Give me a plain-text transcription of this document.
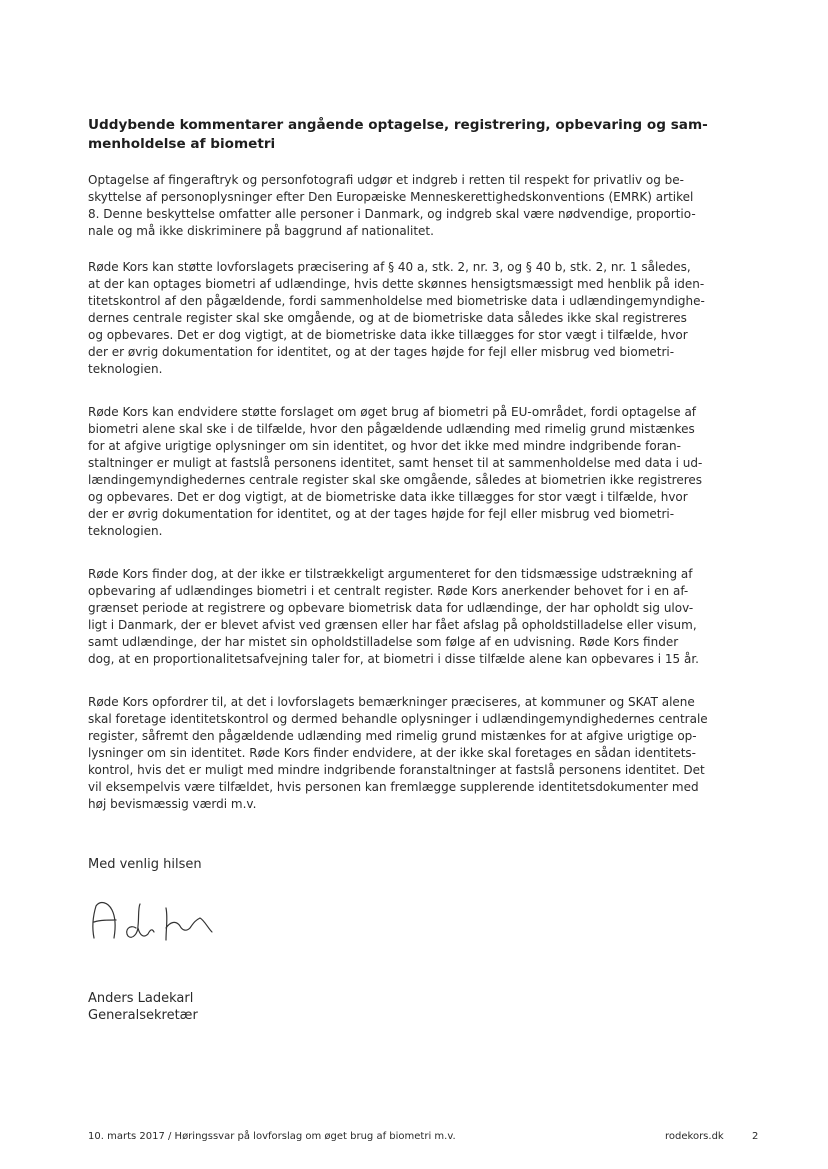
Uddybende kommentarer angående optagelse, registrering, opbevaring og sam-
menholdelse af biometri
Optagelse af fingeraftryk og personfotografi udgør et indgreb i retten til respekt for privatliv og be-
skyttelse af personoplysninger efter Den Europæiske Menneskerettighedskonventions (EMRK) artikel
8. Denne beskyttelse omfatter alle personer i Danmark, og indgreb skal være nødvendige, proportio-
nale og må ikke diskriminere på baggrund af nationalitet.
Røde Kors kan støtte lovforslagets præcisering af § 40 a, stk. 2, nr. 3, og § 40 b, stk. 2, nr. 1 således,
at der kan optages biometri af udlændinge, hvis dette skønnes hensigtsmæssigt med henblik på iden-
titetskontrol af den pågældende, fordi sammenholdelse med biometriske data i udlændingemyndighe-
dernes centrale register skal ske omgående, og at de biometriske data således ikke skal registreres
og opbevares. Det er dog vigtigt, at de biometriske data ikke tillægges for stor vægt i tilfælde, hvor
der er øvrig dokumentation for identitet, og at der tages højde for fejl eller misbrug ved biometri-
teknologien.
Røde Kors kan endvidere støtte forslaget om øget brug af biometri på EU-området, fordi optagelse af
biometri alene skal ske i de tilfælde, hvor den pågældende udlænding med rimelig grund mistænkes
for at afgive urigtige oplysninger om sin identitet, og hvor det ikke med mindre indgribende foran-
staltninger er muligt at fastslå personens identitet, samt henset til at sammenholdelse med data i ud-
lændingemyndighedernes centrale register skal ske omgående, således at biometrien ikke registreres
og opbevares. Det er dog vigtigt, at de biometriske data ikke tillægges for stor vægt i tilfælde, hvor
der er øvrig dokumentation for identitet, og at der tages højde for fejl eller misbrug ved biometri-
teknologien.
Røde Kors finder dog, at der ikke er tilstrækkeligt argumenteret for den tidsmæssige udstrækning af
opbevaring af udlændinges biometri i et centralt register. Røde Kors anerkender behovet for i en af-
grænset periode at registrere og opbevare biometrisk data for udlændinge, der har opholdt sig ulov-
ligt i Danmark, der er blevet afvist ved grænsen eller har fået afslag på opholdstilladelse eller visum,
samt udlændinge, der har mistet sin opholdstilladelse som følge af en udvisning. Røde Kors finder
dog, at en proportionalitetsafvejning taler for, at biometri i disse tilfælde alene kan opbevares i 15 år.
Røde Kors opfordrer til, at det i lovforslagets bemærkninger præciseres, at kommuner og SKAT alene
skal foretage identitetskontrol og dermed behandle oplysninger i udlændingemyndighedernes centrale
register, såfremt den pågældende udlænding med rimelig grund mistænkes for at afgive urigtige op-
lysninger om sin identitet. Røde Kors finder endvidere, at der ikke skal foretages en sådan identitets-
kontrol, hvis det er muligt med mindre indgribende foranstaltninger at fastslå personens identitet. Det
vil eksempelvis være tilfældet, hvis personen kan fremlægge supplerende identitetsdokumenter med
høj bevismæssig værdi m.v.
Med venlig hilsen
Anders Ladekarl
Generalsekretær
10. marts 2017 / Høringssvar på lovforslag om øget brug af biometri m.v.	rodekors.dk	2
